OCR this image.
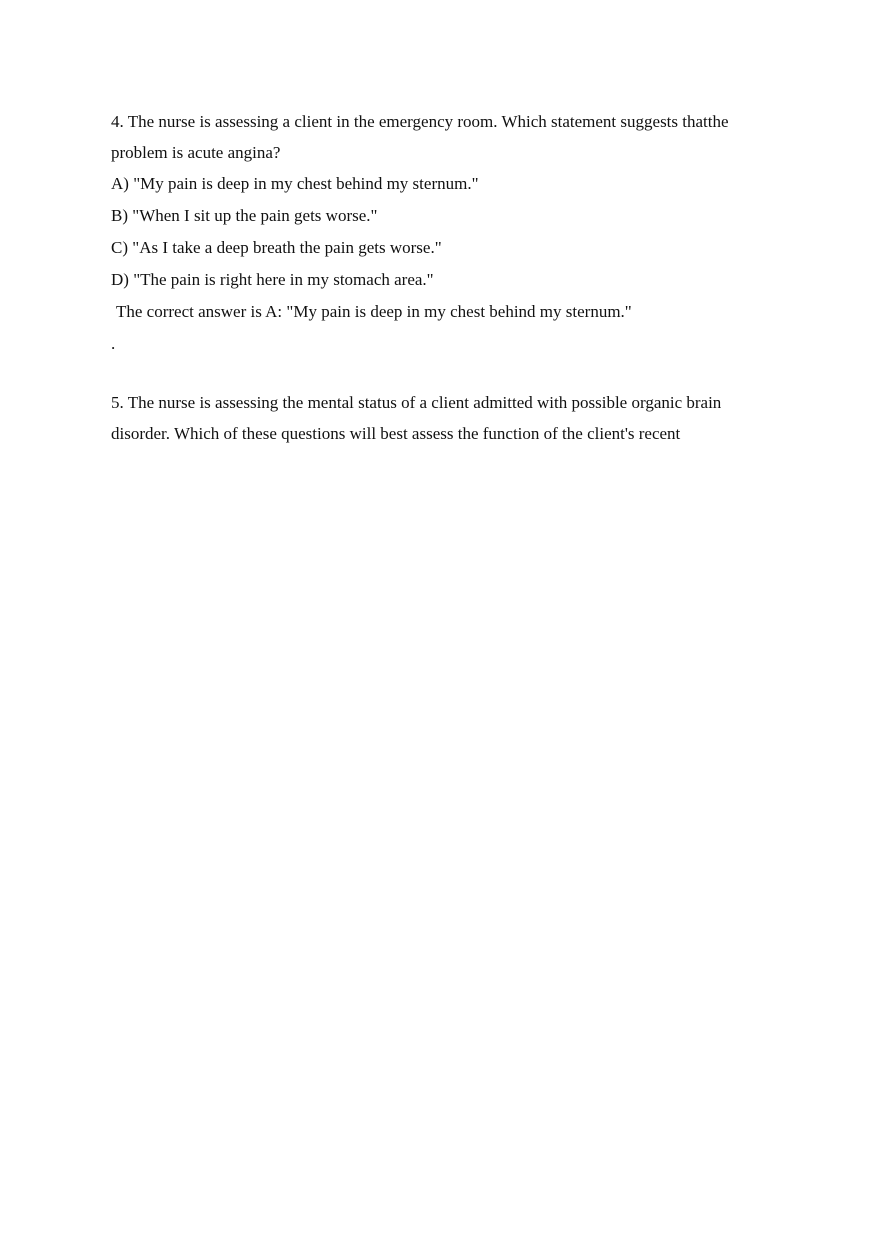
4. The nurse is assessing a client in the emergency room. Which statement suggests thatthe problem is acute angina?

A) "My pain is deep in my chest behind my sternum."

B) "When I sit up the pain gets worse."

C) "As I take a deep breath the pain gets worse."

D) "The pain is right here in my stomach area."

The correct answer is A: "My pain is deep in my chest behind my sternum."

.

5. The nurse is assessing the mental status of a client admitted with possible organic brain disorder. Which of these questions will best assess the function of the client's recent
